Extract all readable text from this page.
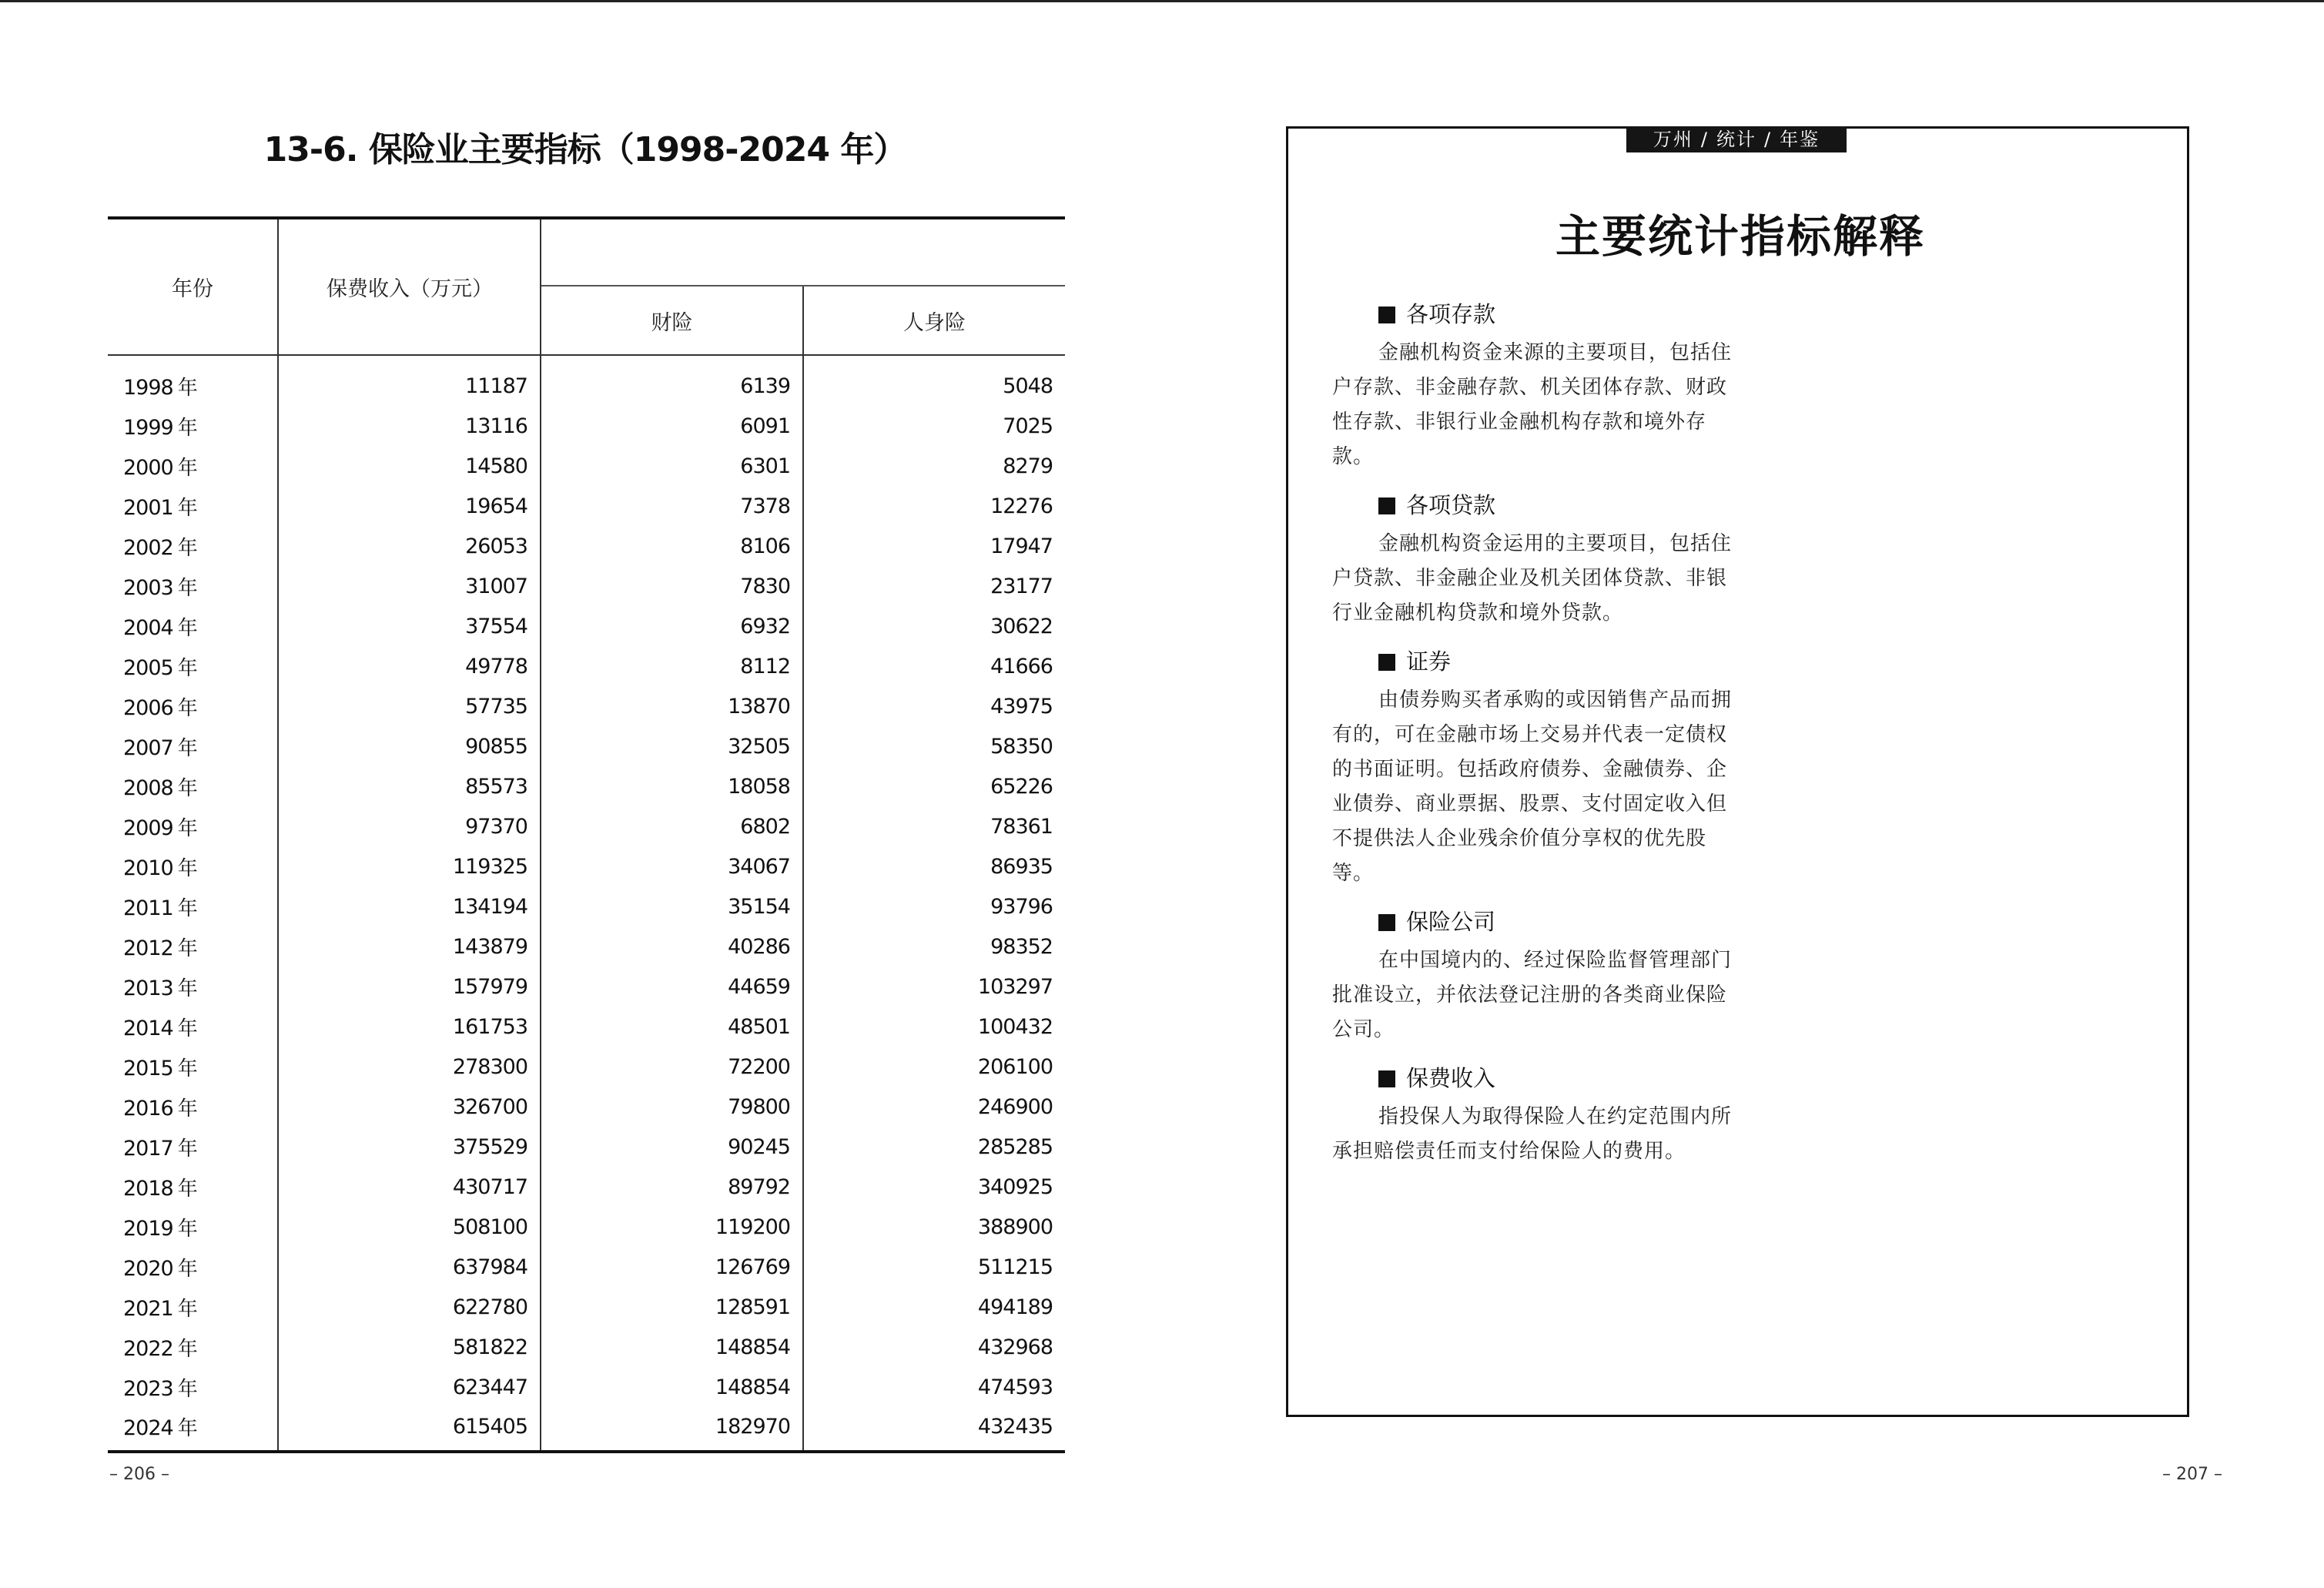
13-6. 保险业主要指标（1998-2024 年）
年份	保费收入（万元）		
		财险	人身险
1998 年	11187	6139	5048
1999 年	13116	6091	7025
2000 年	14580	6301	8279
2001 年	19654	7378	12276
2002 年	26053	8106	17947
2003 年	31007	7830	23177
2004 年	37554	6932	30622
2005 年	49778	8112	41666
2006 年	57735	13870	43975
2007 年	90855	32505	58350
2008 年	85573	18058	65226
2009 年	97370	6802	78361
2010 年	119325	34067	86935
2011 年	134194	35154	93796
2012 年	143879	40286	98352
2013 年	157979	44659	103297
2014 年	161753	48501	100432
2015 年	278300	72200	206100
2016 年	326700	79800	246900
2017 年	375529	90245	285285
2018 年	430717	89792	340925
2019 年	508100	119200	388900
2020 年	637984	126769	511215
2021 年	622780	128591	494189
2022 年	581822	148854	432968
2023 年	623447	148854	474593
2024 年	615405	182970	432435
– 206 –
万州 / 统计 / 年鉴
主要统计指标解释
各项存款

金融机构资金来源的主要项目，包括住户存款、非金融存款、机关团体存款、财政性存款、非银行业金融机构存款和境外存款。

各项贷款

金融机构资金运用的主要项目，包括住户贷款、非金融企业及机关团体贷款、非银行业金融机构贷款和境外贷款。

证券

由债券购买者承购的或因销售产品而拥有的，可在金融市场上交易并代表一定债权的书面证明。包括政府债券、金融债券、企业债券、商业票据、股票、支付固定收入但不提供法人企业残余价值分享权的优先股等。

保险公司

在中国境内的、经过保险监督管理部门批准设立，并依法登记注册的各类商业保险公司。

保费收入

指投保人为取得保险人在约定范围内所承担赔偿责任而支付给保险人的费用。

– 207 –
